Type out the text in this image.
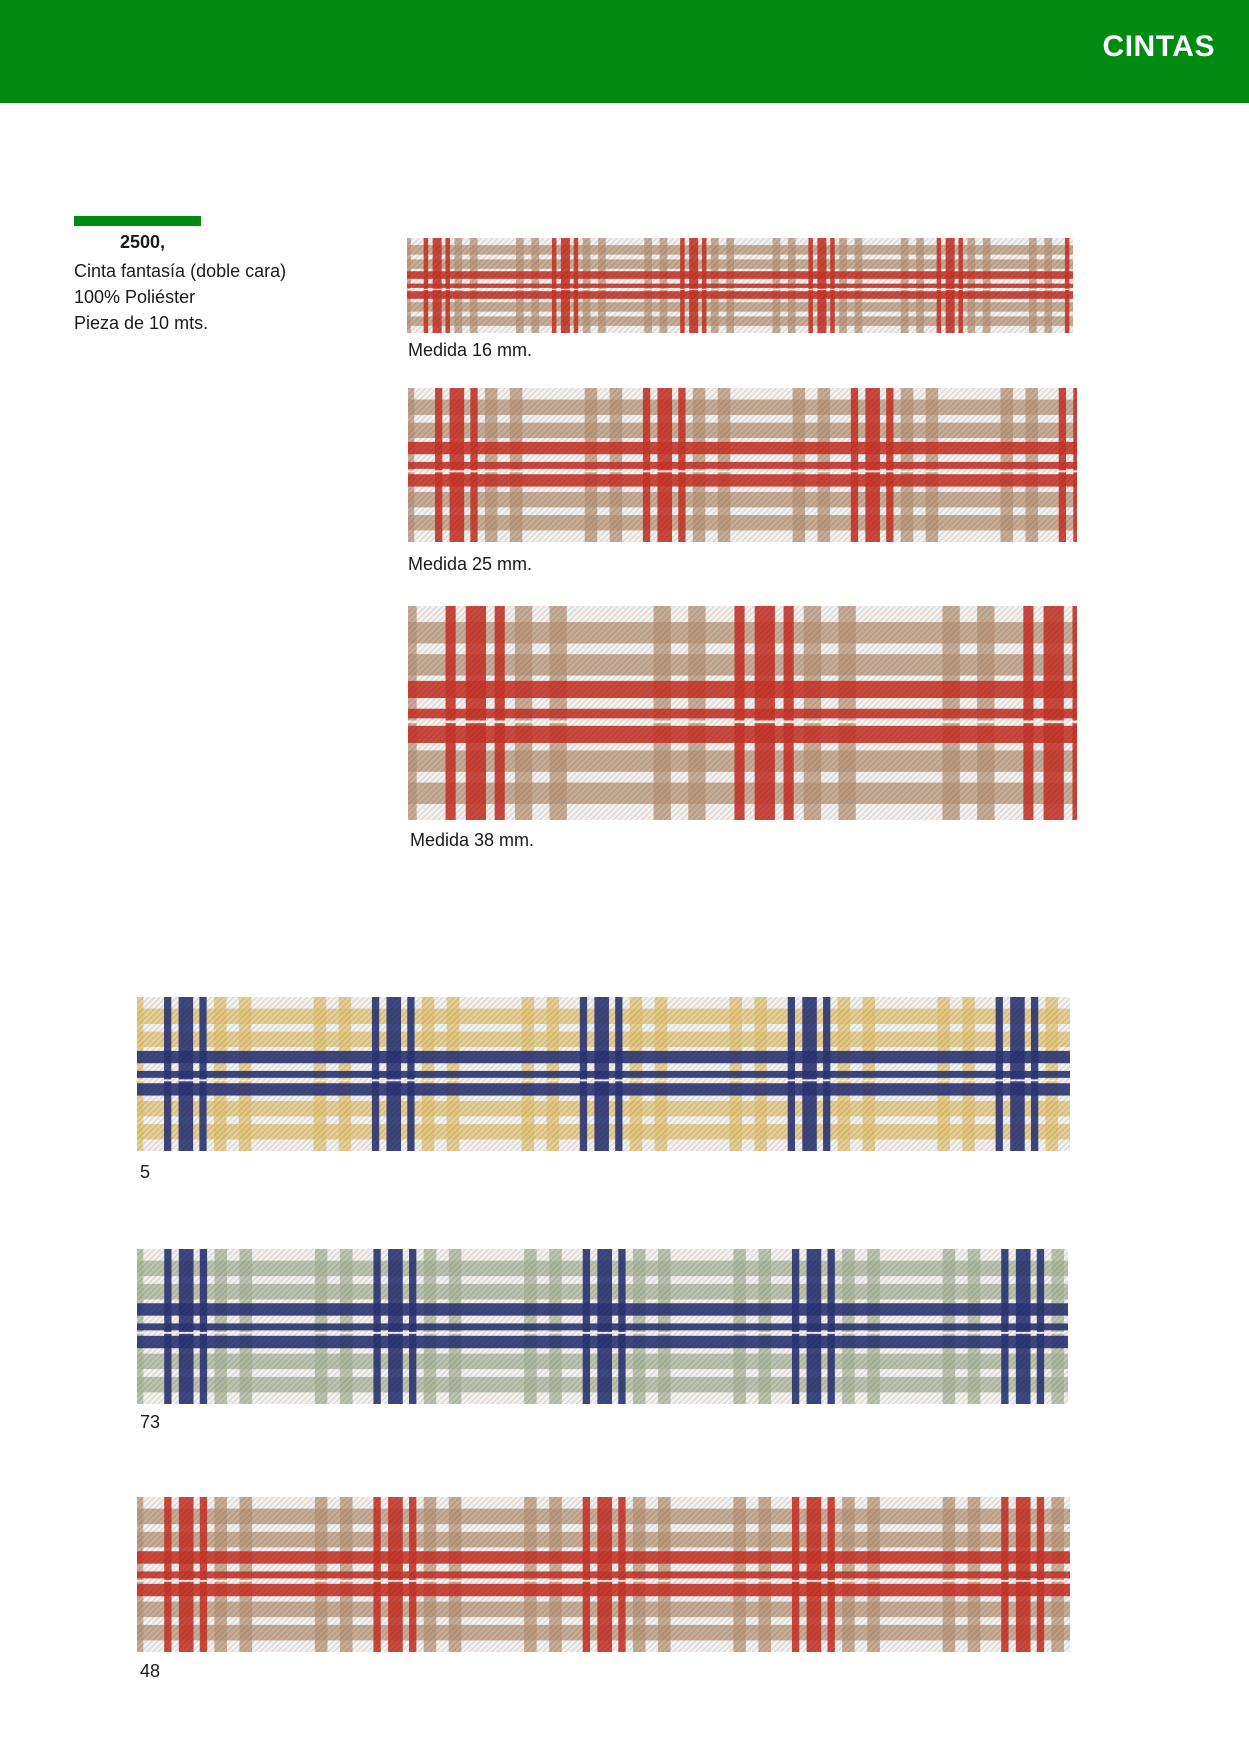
CINTAS
2500,
Cinta fantasía (doble cara)
100% Poliéster
Pieza de 10 mts.
Medida 16 mm.
Medida 25 mm.
Medida 38 mm.
5
73
48
